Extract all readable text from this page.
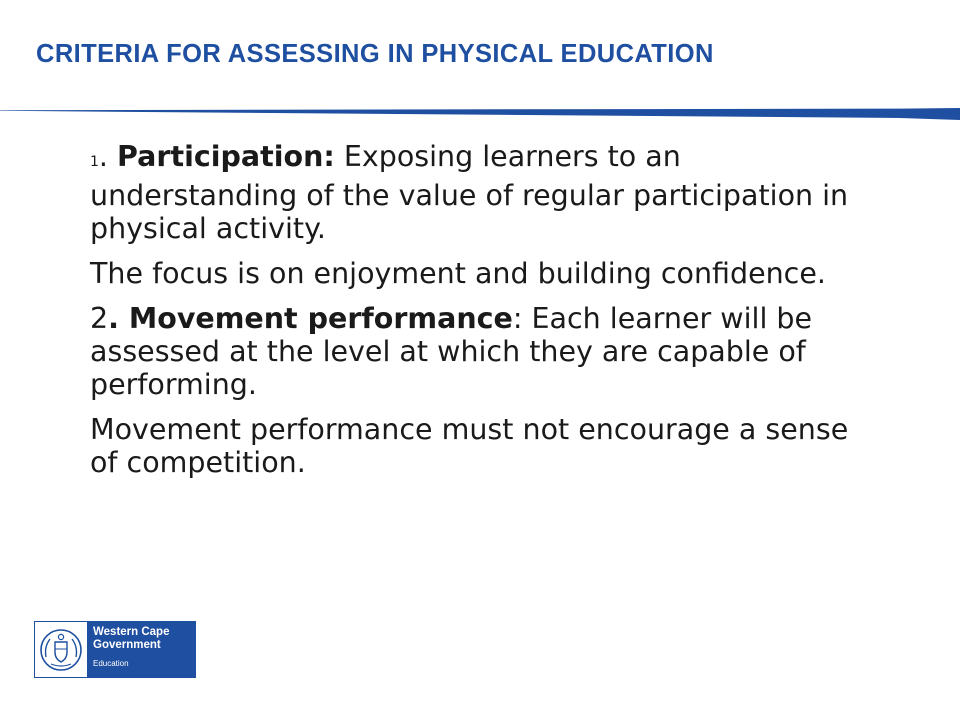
CRITERIA FOR ASSESSING IN PHYSICAL EDUCATION

1. Participation: Exposing learners to an understanding of the value of regular participation in physical activity.

The focus is on enjoyment and building confidence.

2. Movement performance: Each learner will be assessed at the level at which they are capable of performing.

Movement performance must not encourage a sense of competition.

Western Cape
Government
Education
